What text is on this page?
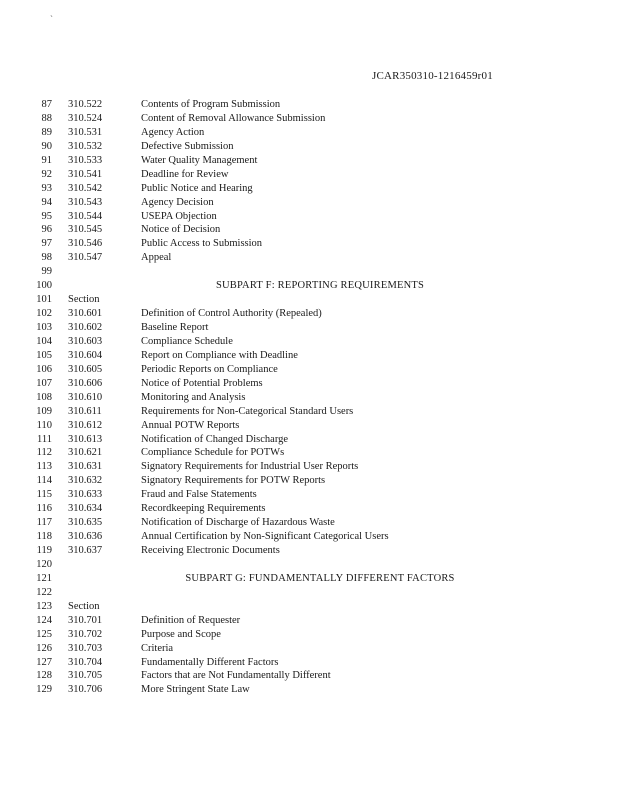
`
JCAR350310-1216459r01
87 310.522	Contents of Program Submission
88 310.524	Content of Removal Allowance Submission
89 310.531	Agency Action
90 310.532	Defective Submission
91 310.533	Water Quality Management
92 310.541	Deadline for Review
93 310.542	Public Notice and Hearing
94 310.543	Agency Decision
95 310.544	USEPA Objection
96 310.545	Notice of Decision
97 310.546	Public Access to Submission
98 310.547	Appeal
99
100	SUBPART F: REPORTING REQUIREMENTS
101 Section
102 310.601	Definition of Control Authority (Repealed)
103 310.602	Baseline Report
104 310.603	Compliance Schedule
105 310.604	Report on Compliance with Deadline
106 310.605	Periodic Reports on Compliance
107 310.606	Notice of Potential Problems
108 310.610	Monitoring and Analysis
109 310.611	Requirements for Non-Categorical Standard Users
110 310.612	Annual POTW Reports
111 310.613	Notification of Changed Discharge
112 310.621	Compliance Schedule for POTWs
113 310.631	Signatory Requirements for Industrial User Reports
114 310.632	Signatory Requirements for POTW Reports
115 310.633	Fraud and False Statements
116 310.634	Recordkeeping Requirements
117 310.635	Notification of Discharge of Hazardous Waste
118 310.636	Annual Certification by Non-Significant Categorical Users
119 310.637	Receiving Electronic Documents
120
121	SUBPART G: FUNDAMENTALLY DIFFERENT FACTORS
122
123 Section
124 310.701	Definition of Requester
125 310.702	Purpose and Scope
126 310.703	Criteria
127 310.704	Fundamentally Different Factors
128 310.705	Factors that are Not Fundamentally Different
129 310.706	More Stringent State Law
